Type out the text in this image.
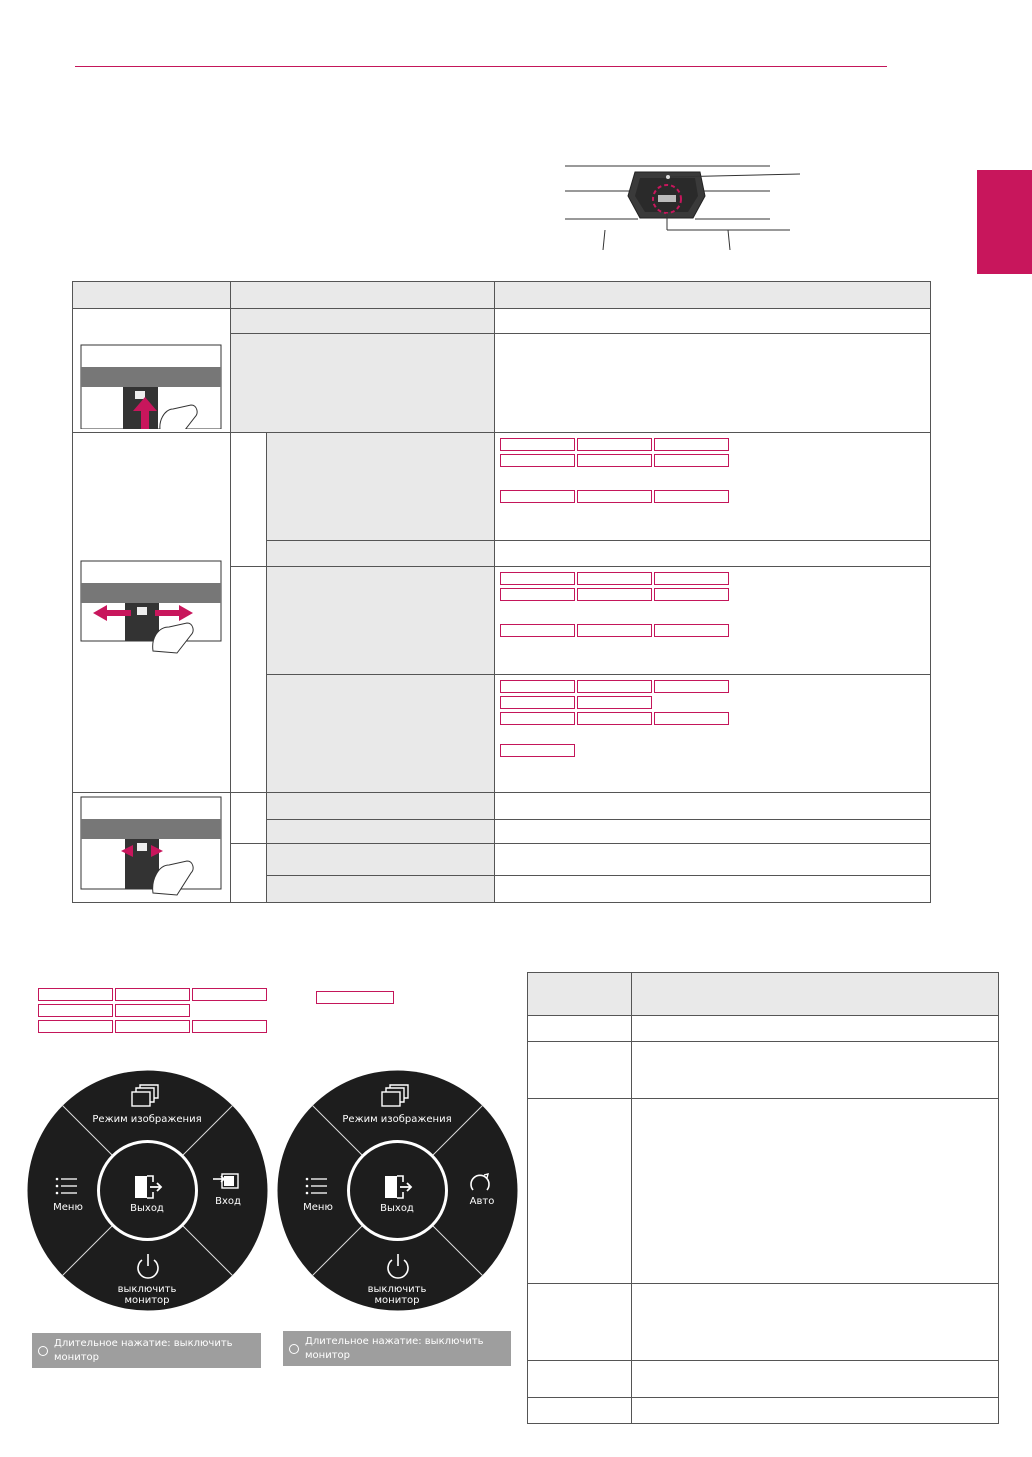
Режим изображения
Меню	Выход
Вход
выключить
монитор
Режим изображения
Меню	Выход
Авто
выключить
монитор
Длительное нажатие: выключить монитор
Длительное нажатие: выключить монитор
